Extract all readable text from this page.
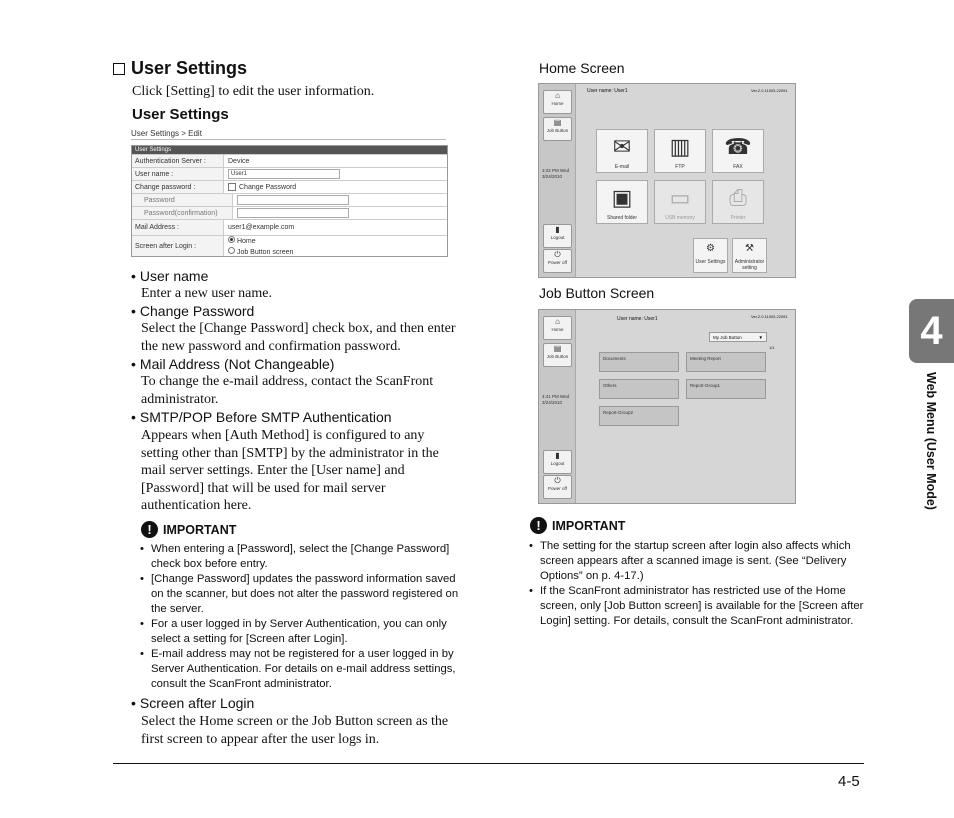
User Settings
Click [Setting] to edit the user information.
User Settings
User Settings > Edit
User Settings
Authentication Server :	Device
User name :	User1
Change password :	Change Password
Password
Password(confirmation)
Mail Address :	user1@example.com
Screen after Login :
Home
Job Button screen
• User name
Enter a new user name.
• Change Password
Select the [Change Password] check box, and then enter the new password and confirmation password.
• Mail Address (Not Changeable)
To change the e-mail address, contact the ScanFront administrator.
• SMTP/POP Before SMTP Authentication
Appears when [Auth Method] is configured to any setting other than [SMTP] by the administrator in the mail server settings. Enter the [User name] and [Password] that will be used for mail server authentication here.
! IMPORTANT
• When entering a [Password], select the [Change Password] check box before entry.
• [Change Password] updates the password information saved on the scanner, but does not alter the password registered on the server.
• For a user logged in by Server Authentication, you can only select a setting for [Screen after Login].
• E-mail address may not be registered for a user logged in by Server Authentication. For details on e-mail address settings, consult the ScanFront administrator.
• Screen after Login
Select the Home screen or the Job Button screen as the first screen to appear after the user logs in.
Home Screen
⌂
Home
▤
Job Button
3:32 PM Wed
3/24/2010
▮
Logout
⏻
Power off
User name: User1	Ver.2.0.11003.22091
✉
E-mail
▥
FTP
☎
FAX
▣
Shared folder
▭
USB memory
⎙
Printer
⚙
User Settings
⚒
Administrator setting
Job Button Screen
⌂
Home
▤
Job Button
4:41 PM Wed
3/24/2010
▮
Logout
⏻
Power off
User name: User1	Ver.2.0.11003.22091
My Job Button	▼
1/1
Documents	Meeting Report
Others	Report-Group1
Report-Group2
! IMPORTANT
• The setting for the startup screen after login also affects which screen appears after a scanned image is sent. (See “Delivery Options” on p. 4-17.)
• If the ScanFront administrator has restricted use of the Home screen, only [Job Button screen] is available for the [Screen after Login] setting. For details, consult the ScanFront administrator.
4
Web Menu (User Mode)
4-5
